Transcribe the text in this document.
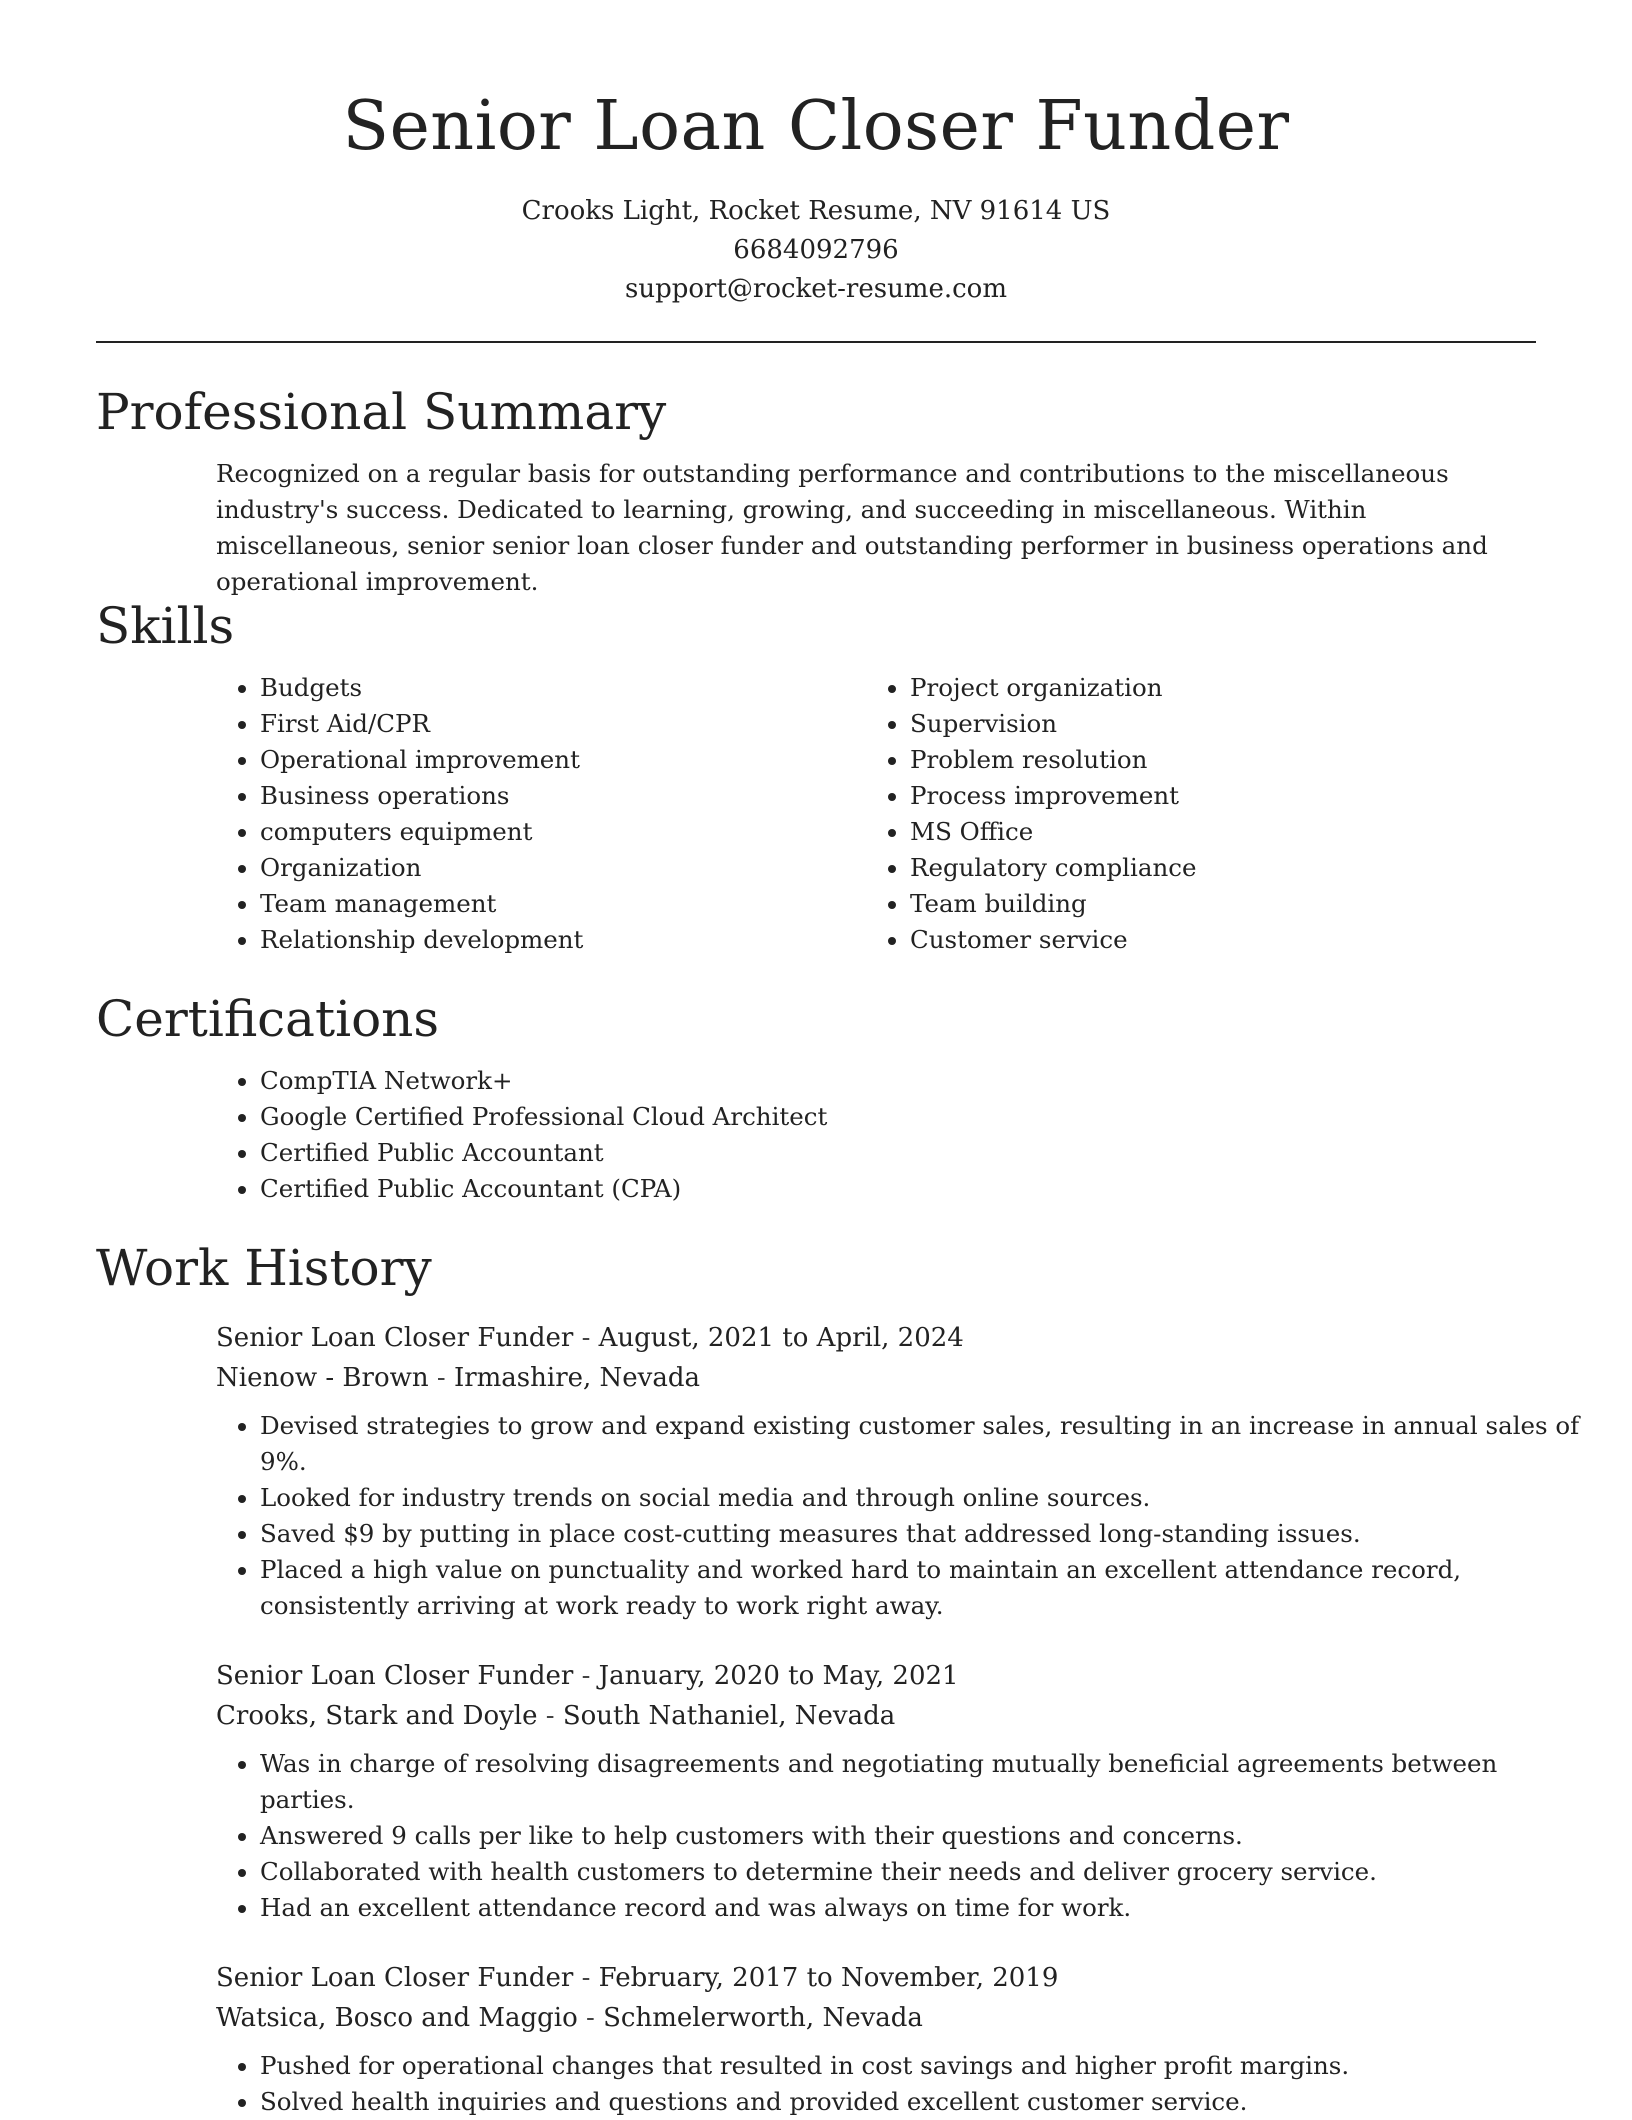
Senior Loan Closer Funder
Crooks Light, Rocket Resume, NV 91614 US
6684092796
support@rocket-resume.com
Professional Summary
Recognized on a regular basis for outstanding performance and contributions to the miscellaneous industry's success. Dedicated to learning, growing, and succeeding in miscellaneous. Within miscellaneous, senior senior loan closer funder and outstanding performer in business operations and operational improvement.
Skills
• Budgets
• First Aid/CPR
• Operational improvement
• Business operations
• computers equipment
• Organization
• Team management
• Relationship development
• Project organization
• Supervision
• Problem resolution
• Process improvement
• MS Office
• Regulatory compliance
• Team building
• Customer service
Certifications
• CompTIA Network+
• Google Certified Professional Cloud Architect
• Certified Public Accountant
• Certified Public Accountant (CPA)
Work History
Senior Loan Closer Funder - August, 2021 to April, 2024
Nienow - Brown - Irmashire, Nevada
• Devised strategies to grow and expand existing customer sales, resulting in an increase in annual sales of 9%.
• Looked for industry trends on social media and through online sources.
• Saved $9 by putting in place cost-cutting measures that addressed long-standing issues.
• Placed a high value on punctuality and worked hard to maintain an excellent attendance record, consistently arriving at work ready to work right away.
Senior Loan Closer Funder - January, 2020 to May, 2021
Crooks, Stark and Doyle - South Nathaniel, Nevada
• Was in charge of resolving disagreements and negotiating mutually beneficial agreements between parties.
• Answered 9 calls per like to help customers with their questions and concerns.
• Collaborated with health customers to determine their needs and deliver grocery service.
• Had an excellent attendance record and was always on time for work.
Senior Loan Closer Funder - February, 2017 to November, 2019
Watsica, Bosco and Maggio - Schmelerworth, Nevada
• Pushed for operational changes that resulted in cost savings and higher profit margins.
• Solved health inquiries and questions and provided excellent customer service.
